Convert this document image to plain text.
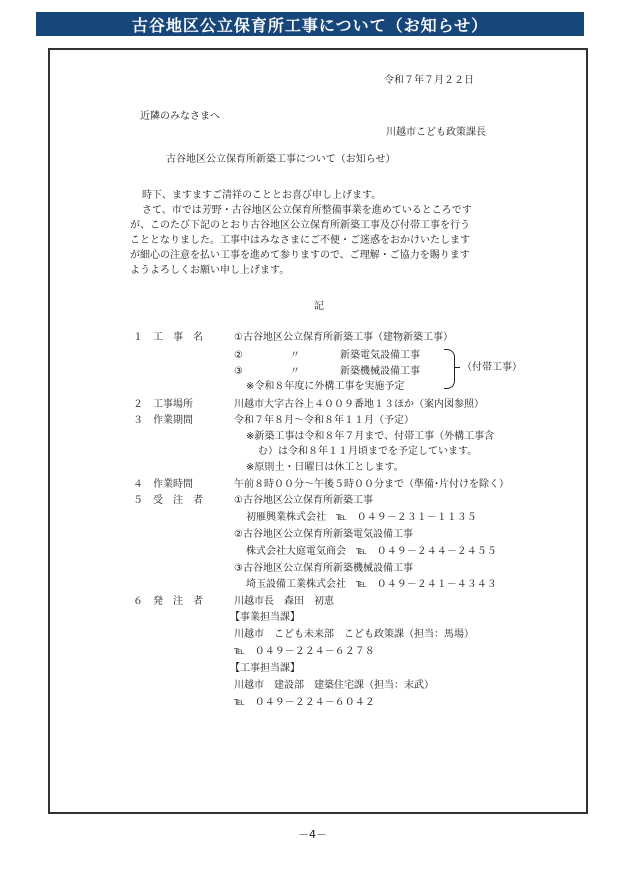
古谷地区公立保育所工事について（お知らせ）
令和７年７月２２日
近隣のみなさまへ
川越市こども政策課長
古谷地区公立保育所新築工事について（お知らせ）
時下、ますますご清祥のこととお喜び申し上げます。
さて、市では芳野・古谷地区公立保育所整備事業を進めているところです
が、このたび下記のとおり古谷地区公立保育所新築工事及び付帯工事を行う
こととなりました。工事中はみなさまにご不便・ご迷惑をおかけいたします
が細心の注意を払い工事を進めて参りますので、ご理解・ご協力を賜ります
ようよろしくお願い申し上げます。
記
１　工　事　名	①古谷地区公立保育所新築工事（建物新築工事）
②	〃	新築電気設備工事
③	〃	新築機械設備工事	（付帯工事）
※令和８年度に外構工事を実施予定
２　工事場所	川越市大字古谷上４００９番地１３ほか（案内図参照）
３　作業期間	令和７年８月～令和８年１１月（予定）
※新築工事は令和８年７月まで、付帯工事（外構工事含
む）は令和８年１１月頃までを予定しています。
※原則土・日曜日は休工とします。
４　作業時間	午前８時００分～午後５時００分まで（準備･片付けを除く）
５　受　注　者	①古谷地区公立保育所新築工事
初雁興業株式会社　℡　０４９－２３１－１１３５
②古谷地区公立保育所新築電気設備工事
株式会社大庭電気商会　℡　０４９－２４４－２４５５
③古谷地区公立保育所新築機械設備工事
埼玉設備工業株式会社　℡　０４９－２４１－４３４３
６　発　注　者	川越市長　森田　初恵
【事業担当課】
川越市　こども未来部　こども政策課（担当：馬場）
℡　０４９－２２４－６２７８
【工事担当課】
川越市　建設部　建築住宅課（担当：末武）
℡　０４９－２２４－６０４２
－4－
